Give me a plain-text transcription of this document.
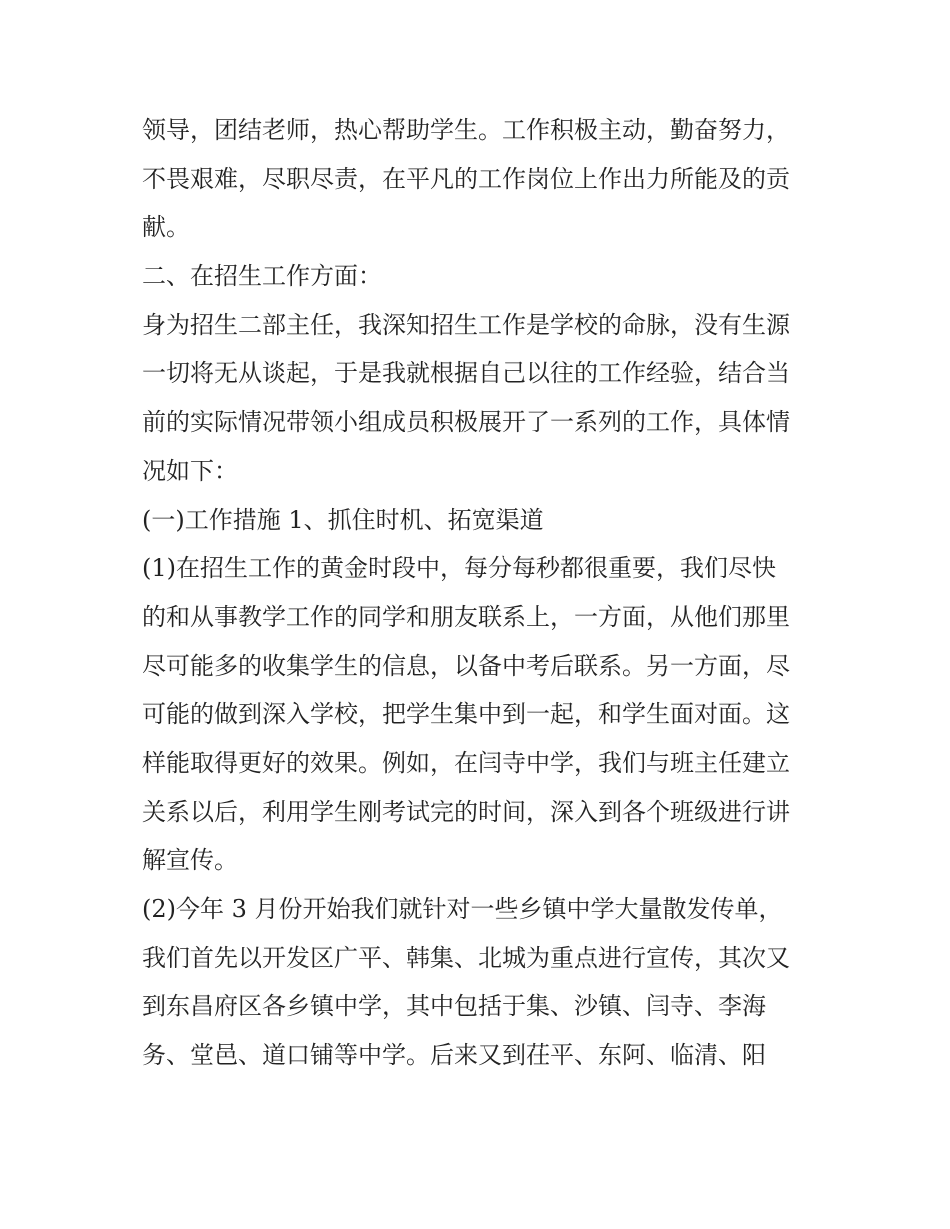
领导，团结老师，热心帮助学生。工作积极主动，勤奋努力，
不畏艰难，尽职尽责，在平凡的工作岗位上作出力所能及的贡
献。
二、在招生工作方面：
身为招生二部主任，我深知招生工作是学校的命脉，没有生源
一切将无从谈起，于是我就根据自己以往的工作经验，结合当
前的实际情况带领小组成员积极展开了一系列的工作，具体情
况如下：
(一)工作措施 1、抓住时机、拓宽渠道
(1)在招生工作的黄金时段中，每分每秒都很重要，我们尽快
的和从事教学工作的同学和朋友联系上，一方面，从他们那里
尽可能多的收集学生的信息，以备中考后联系。另一方面，尽
可能的做到深入学校，把学生集中到一起，和学生面对面。这
样能取得更好的效果。例如，在闫寺中学，我们与班主任建立
关系以后，利用学生刚考试完的时间，深入到各个班级进行讲
解宣传。
(2)今年 3 月份开始我们就针对一些乡镇中学大量散发传单，
我们首先以开发区广平、韩集、北城为重点进行宣传，其次又
到东昌府区各乡镇中学，其中包括于集、沙镇、闫寺、李海
务、堂邑、道口铺等中学。后来又到茌平、东阿、临清、阳
